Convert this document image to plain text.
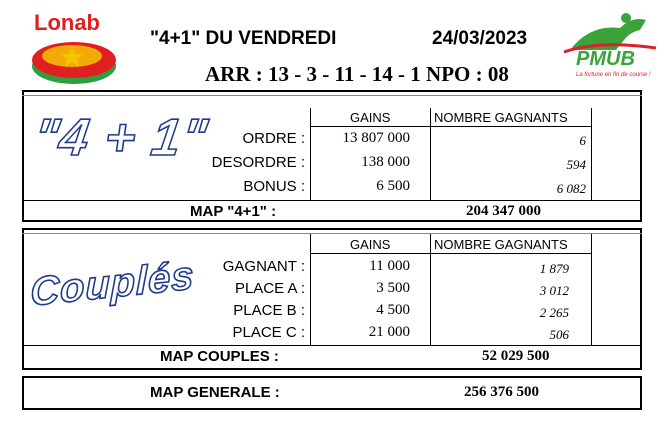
Lonab
"4+1" DU VENDREDI	24/03/2023
ARR : 13 - 3 - 11 - 14 - 1 NPO : 08
PMUB
La fortune en fin de course !
"4 + 1"	GAINS	NOMBRE GAGNANTS
ORDRE :	13 807 000	6
DESORDRE :	138 000	594
BONUS :	6 500	6 082
MAP "4+1" :	204 347 000
Couplés
GAINS	NOMBRE GAGNANTS
GAGNANT :	11 000	1 879
PLACE A :	3 500	3 012
PLACE B :	4 500	2 265
PLACE C :	21 000	506
MAP COUPLES :	52 029 500
MAP GENERALE :	256 376 500
